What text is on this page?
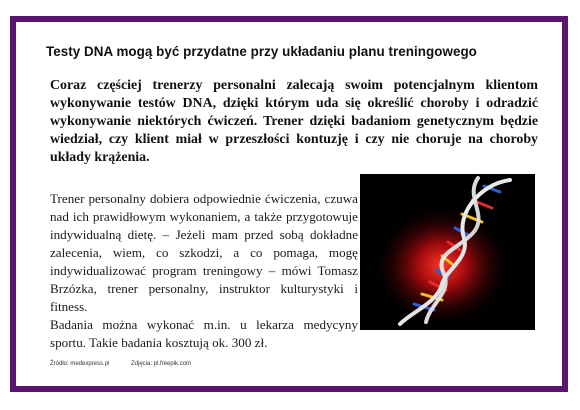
Testy DNA mogą być przydatne przy układaniu planu treningowego
Coraz częściej trenerzy personalni zalecają swoim potencjalnym klientom wykonywanie testów DNA, dzięki którym uda się określić choroby i odradzić wykonywanie niektórych ćwiczeń. Trener dzięki badaniom genetycznym będzie wiedział, czy klient miał w przeszłości kontuzję i czy nie choruje na choroby układy krążenia.

Trener personalny dobiera odpowiednie ćwiczenia, czuwa nad ich prawidłowym wykonaniem, a także przygotowuje indywidualną dietę. – Jeżeli mam przed sobą dokładne zalecenia, wiem, co szkodzi, a co pomaga, mogę indywidualizować program treningowy – mówi Tomasz Brzózka, trener personalny, instruktor kulturystyki i fitness.

Badania można wykonać m.in. u lekarza medycyny sportu. Takie badania kosztują ok. 300 zł.

Źródło: medexpress.pl	Zdjęcia: pl.freepik.com
